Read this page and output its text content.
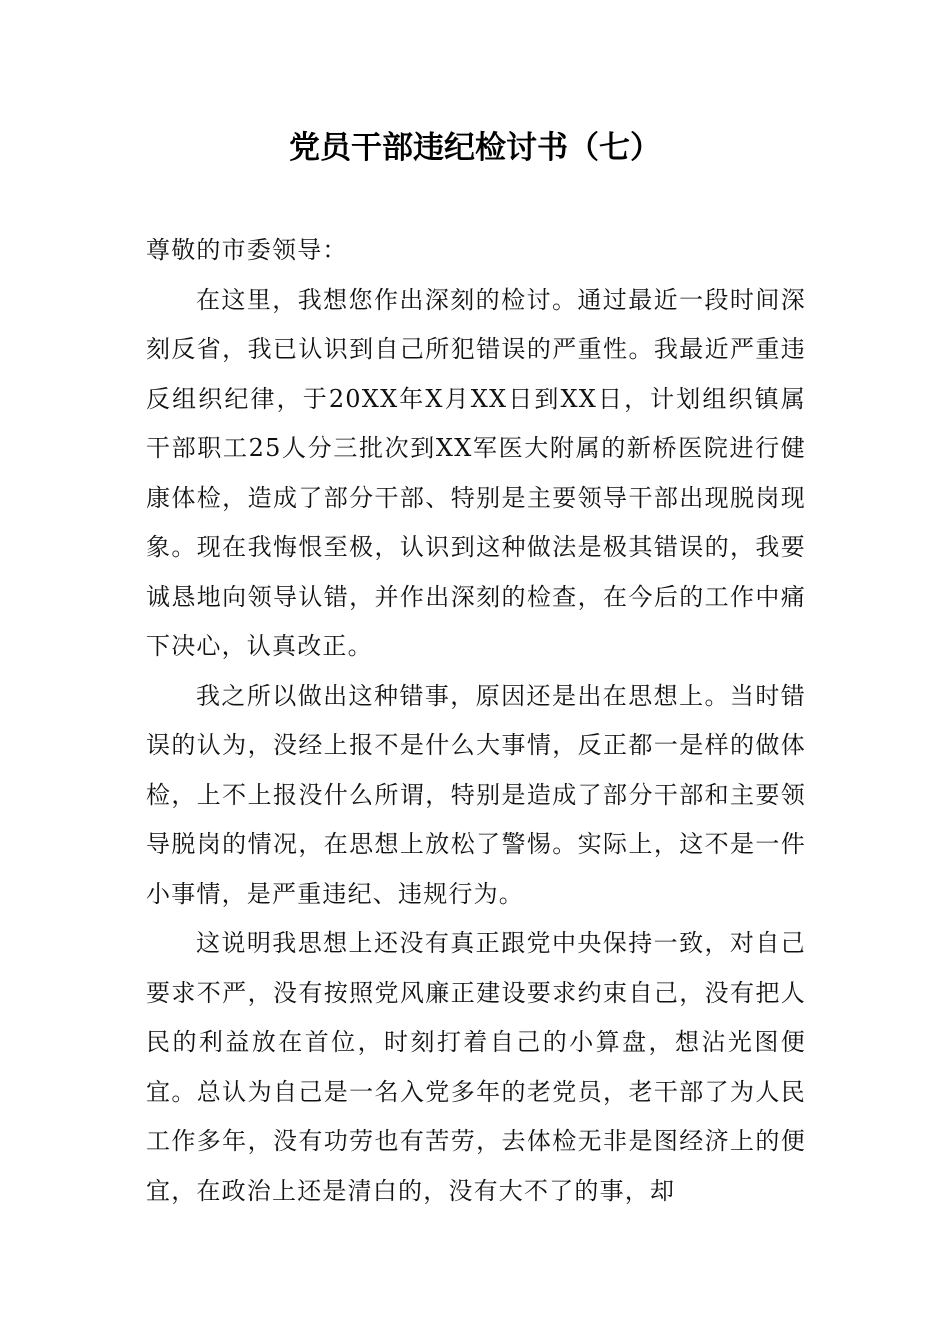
党员干部违纪检讨书（七）

尊敬的市委领导：

在这里，我想您作出深刻的检讨。通过最近一段时间深刻反省，我已认识到自己所犯错误的严重性。我最近严重违反组织纪律，于20XX年X月XX日到XX日，计划组织镇属干部职工25人分三批次到XX军医大附属的新桥医院进行健康体检，造成了部分干部、特别是主要领导干部出现脱岗现象。现在我悔恨至极，认识到这种做法是极其错误的，我要诚恳地向领导认错，并作出深刻的检查，在今后的工作中痛下决心，认真改正。

我之所以做出这种错事，原因还是出在思想上。当时错误的认为，没经上报不是什么大事情，反正都一是样的做体检，上不上报没什么所谓，特别是造成了部分干部和主要领导脱岗的情况，在思想上放松了警惕。实际上，这不是一件小事情，是严重违纪、违规行为。

这说明我思想上还没有真正跟党中央保持一致，对自己要求不严，没有按照党风廉正建设要求约束自己，没有把人民的利益放在首位，时刻打着自己的小算盘，想沾光图便宜。总认为自己是一名入党多年的老党员，老干部了为人民工作多年，没有功劳也有苦劳，去体检无非是图经济上的便宜，在政治上还是清白的，没有大不了的事，却
